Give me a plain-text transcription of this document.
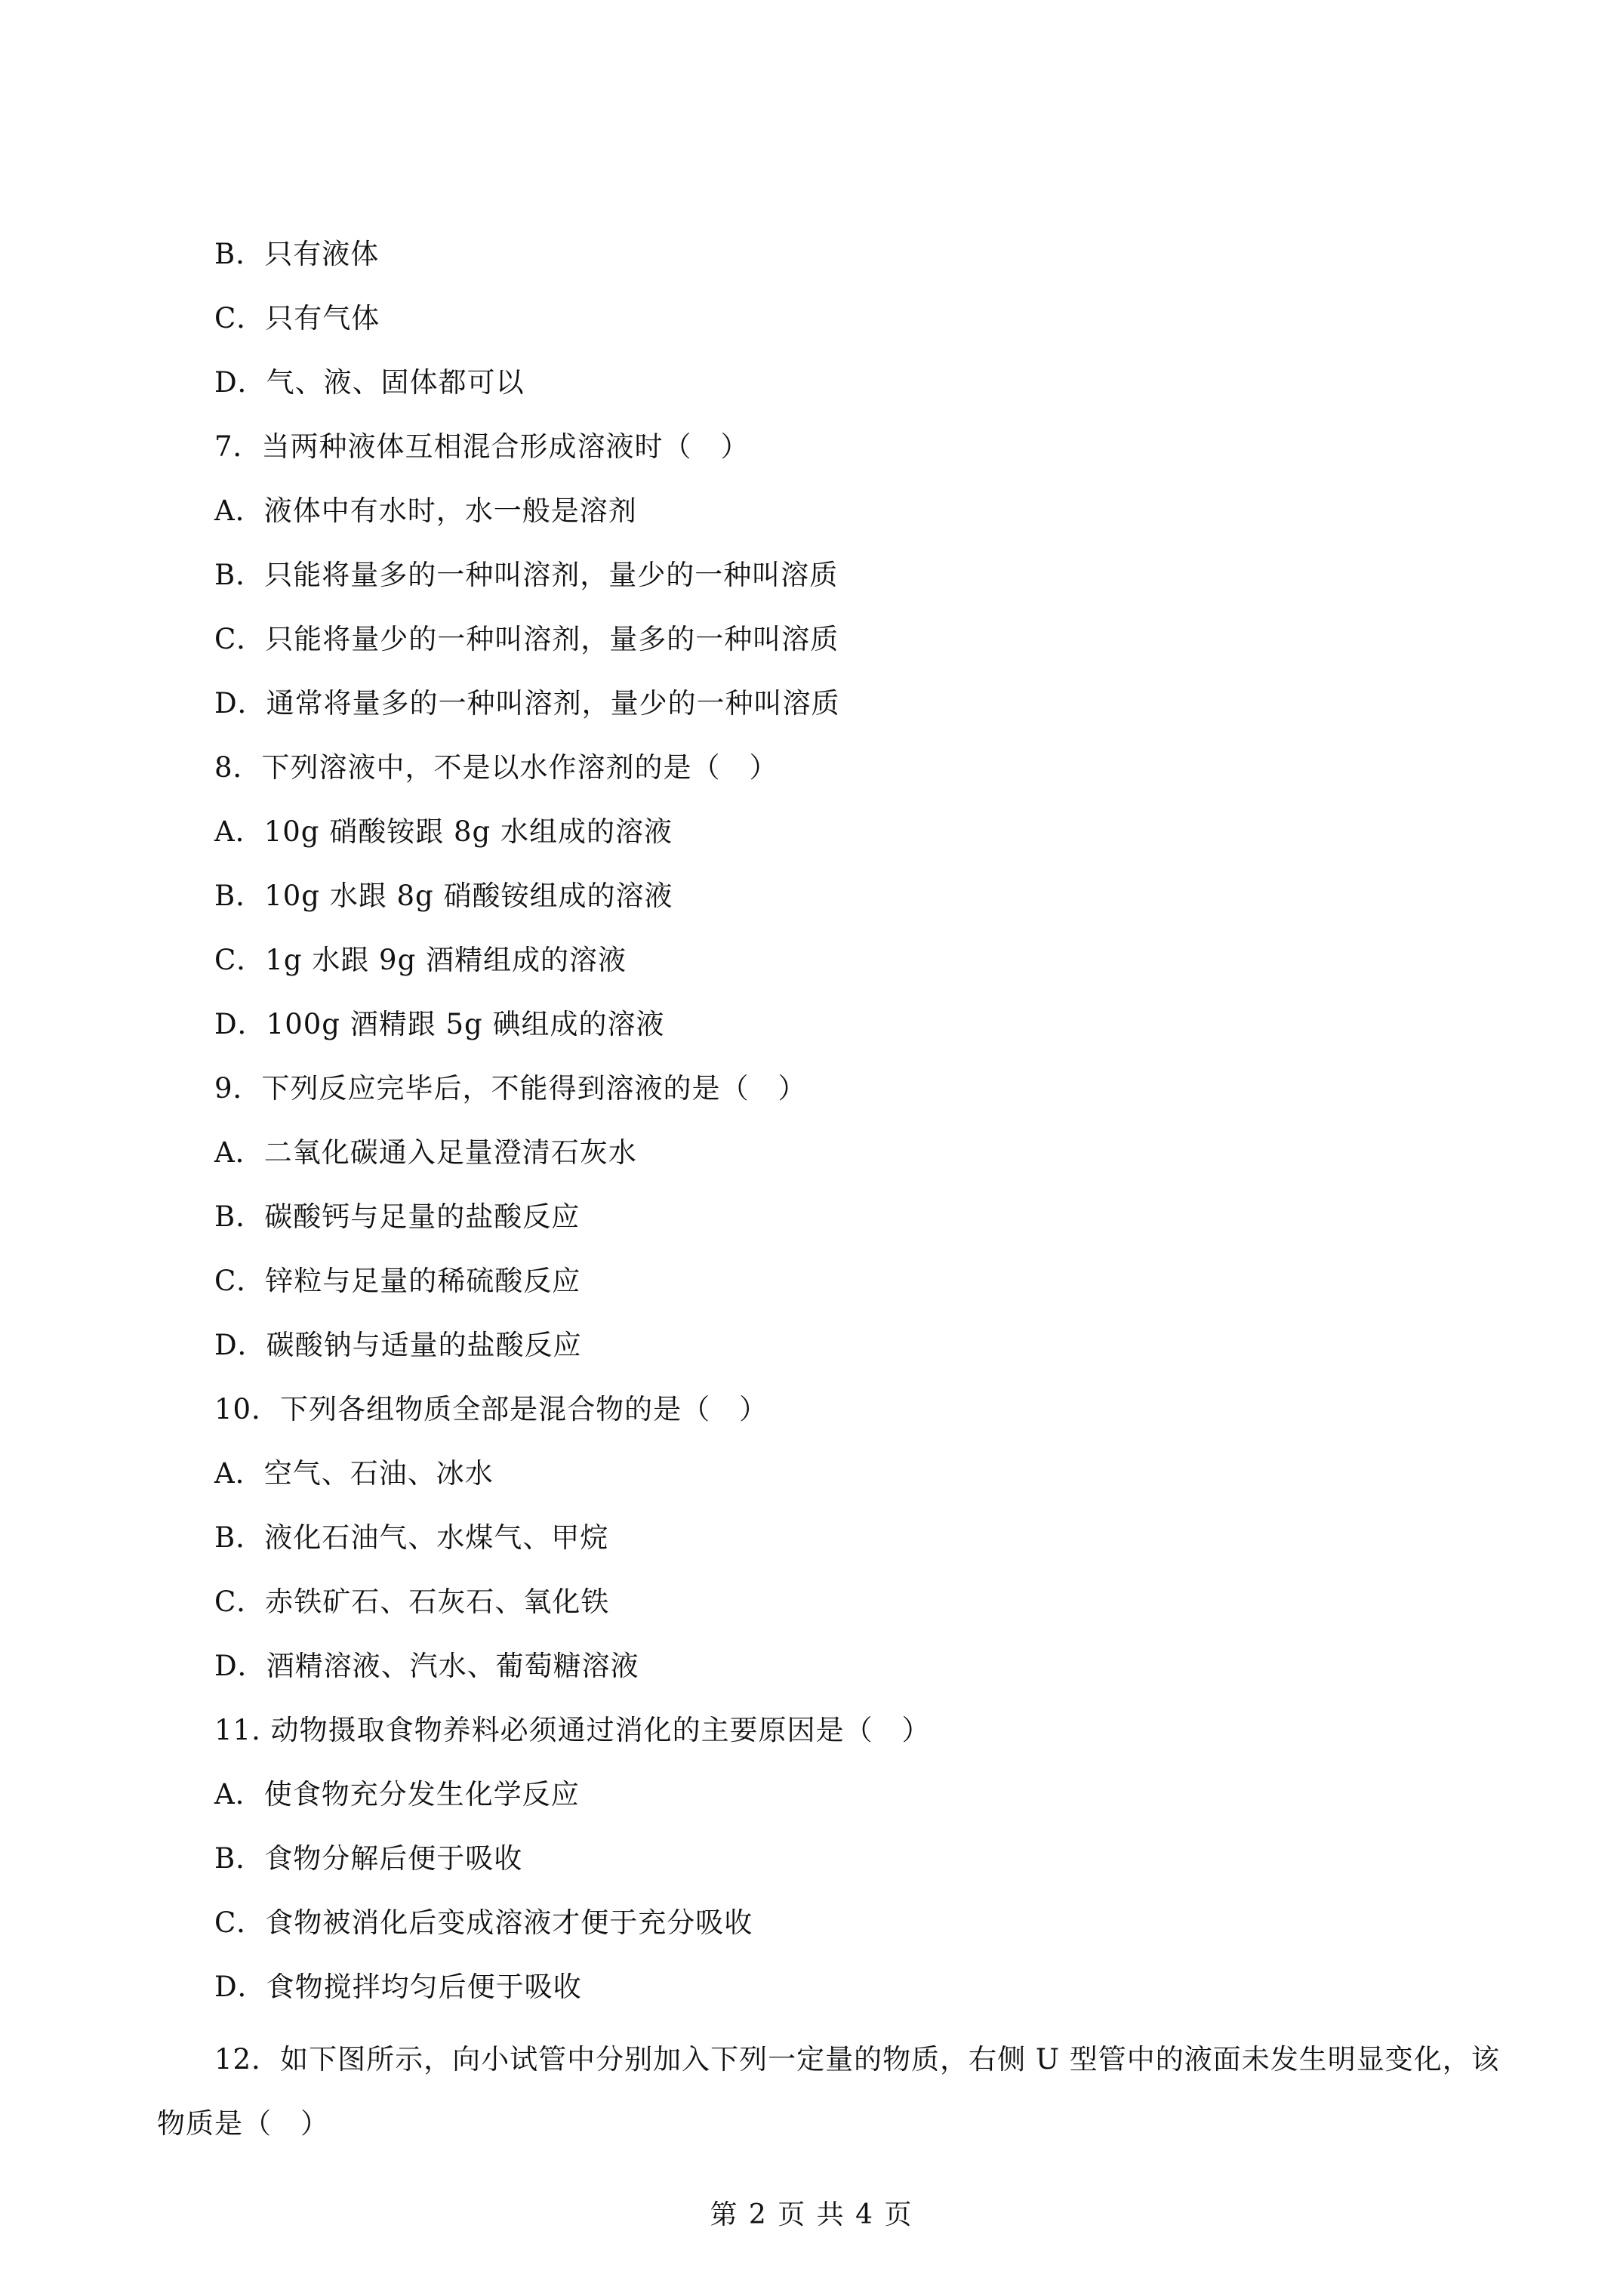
B．只有液体
C．只有气体
D．气、液、固体都可以
7．当两种液体互相混合形成溶液时（　）
A．液体中有水时，水一般是溶剂
B．只能将量多的一种叫溶剂，量少的一种叫溶质
C．只能将量少的一种叫溶剂，量多的一种叫溶质
D．通常将量多的一种叫溶剂，量少的一种叫溶质
8．下列溶液中，不是以水作溶剂的是（　）
A．10g 硝酸铵跟 8g 水组成的溶液
B．10g 水跟 8g 硝酸铵组成的溶液
C．1g 水跟 9g 酒精组成的溶液
D．100g 酒精跟 5g 碘组成的溶液
9．下列反应完毕后，不能得到溶液的是（　）
A．二氧化碳通入足量澄清石灰水
B．碳酸钙与足量的盐酸反应
C．锌粒与足量的稀硫酸反应
D．碳酸钠与适量的盐酸反应
10．下列各组物质全部是混合物的是（　）
A．空气、石油、冰水
B．液化石油气、水煤气、甲烷
C．赤铁矿石、石灰石、氧化铁
D．酒精溶液、汽水、葡萄糖溶液
11. 动物摄取食物养料必须通过消化的主要原因是（　）
A．使食物充分发生化学反应
B．食物分解后便于吸收
C．食物被消化后变成溶液才便于充分吸收
D．食物搅拌均匀后便于吸收
12．如下图所示，向小试管中分别加入下列一定量的物质，右侧 U 型管中的液面未发生明显变化，该物质是（　）
第 2 页 共 4 页
